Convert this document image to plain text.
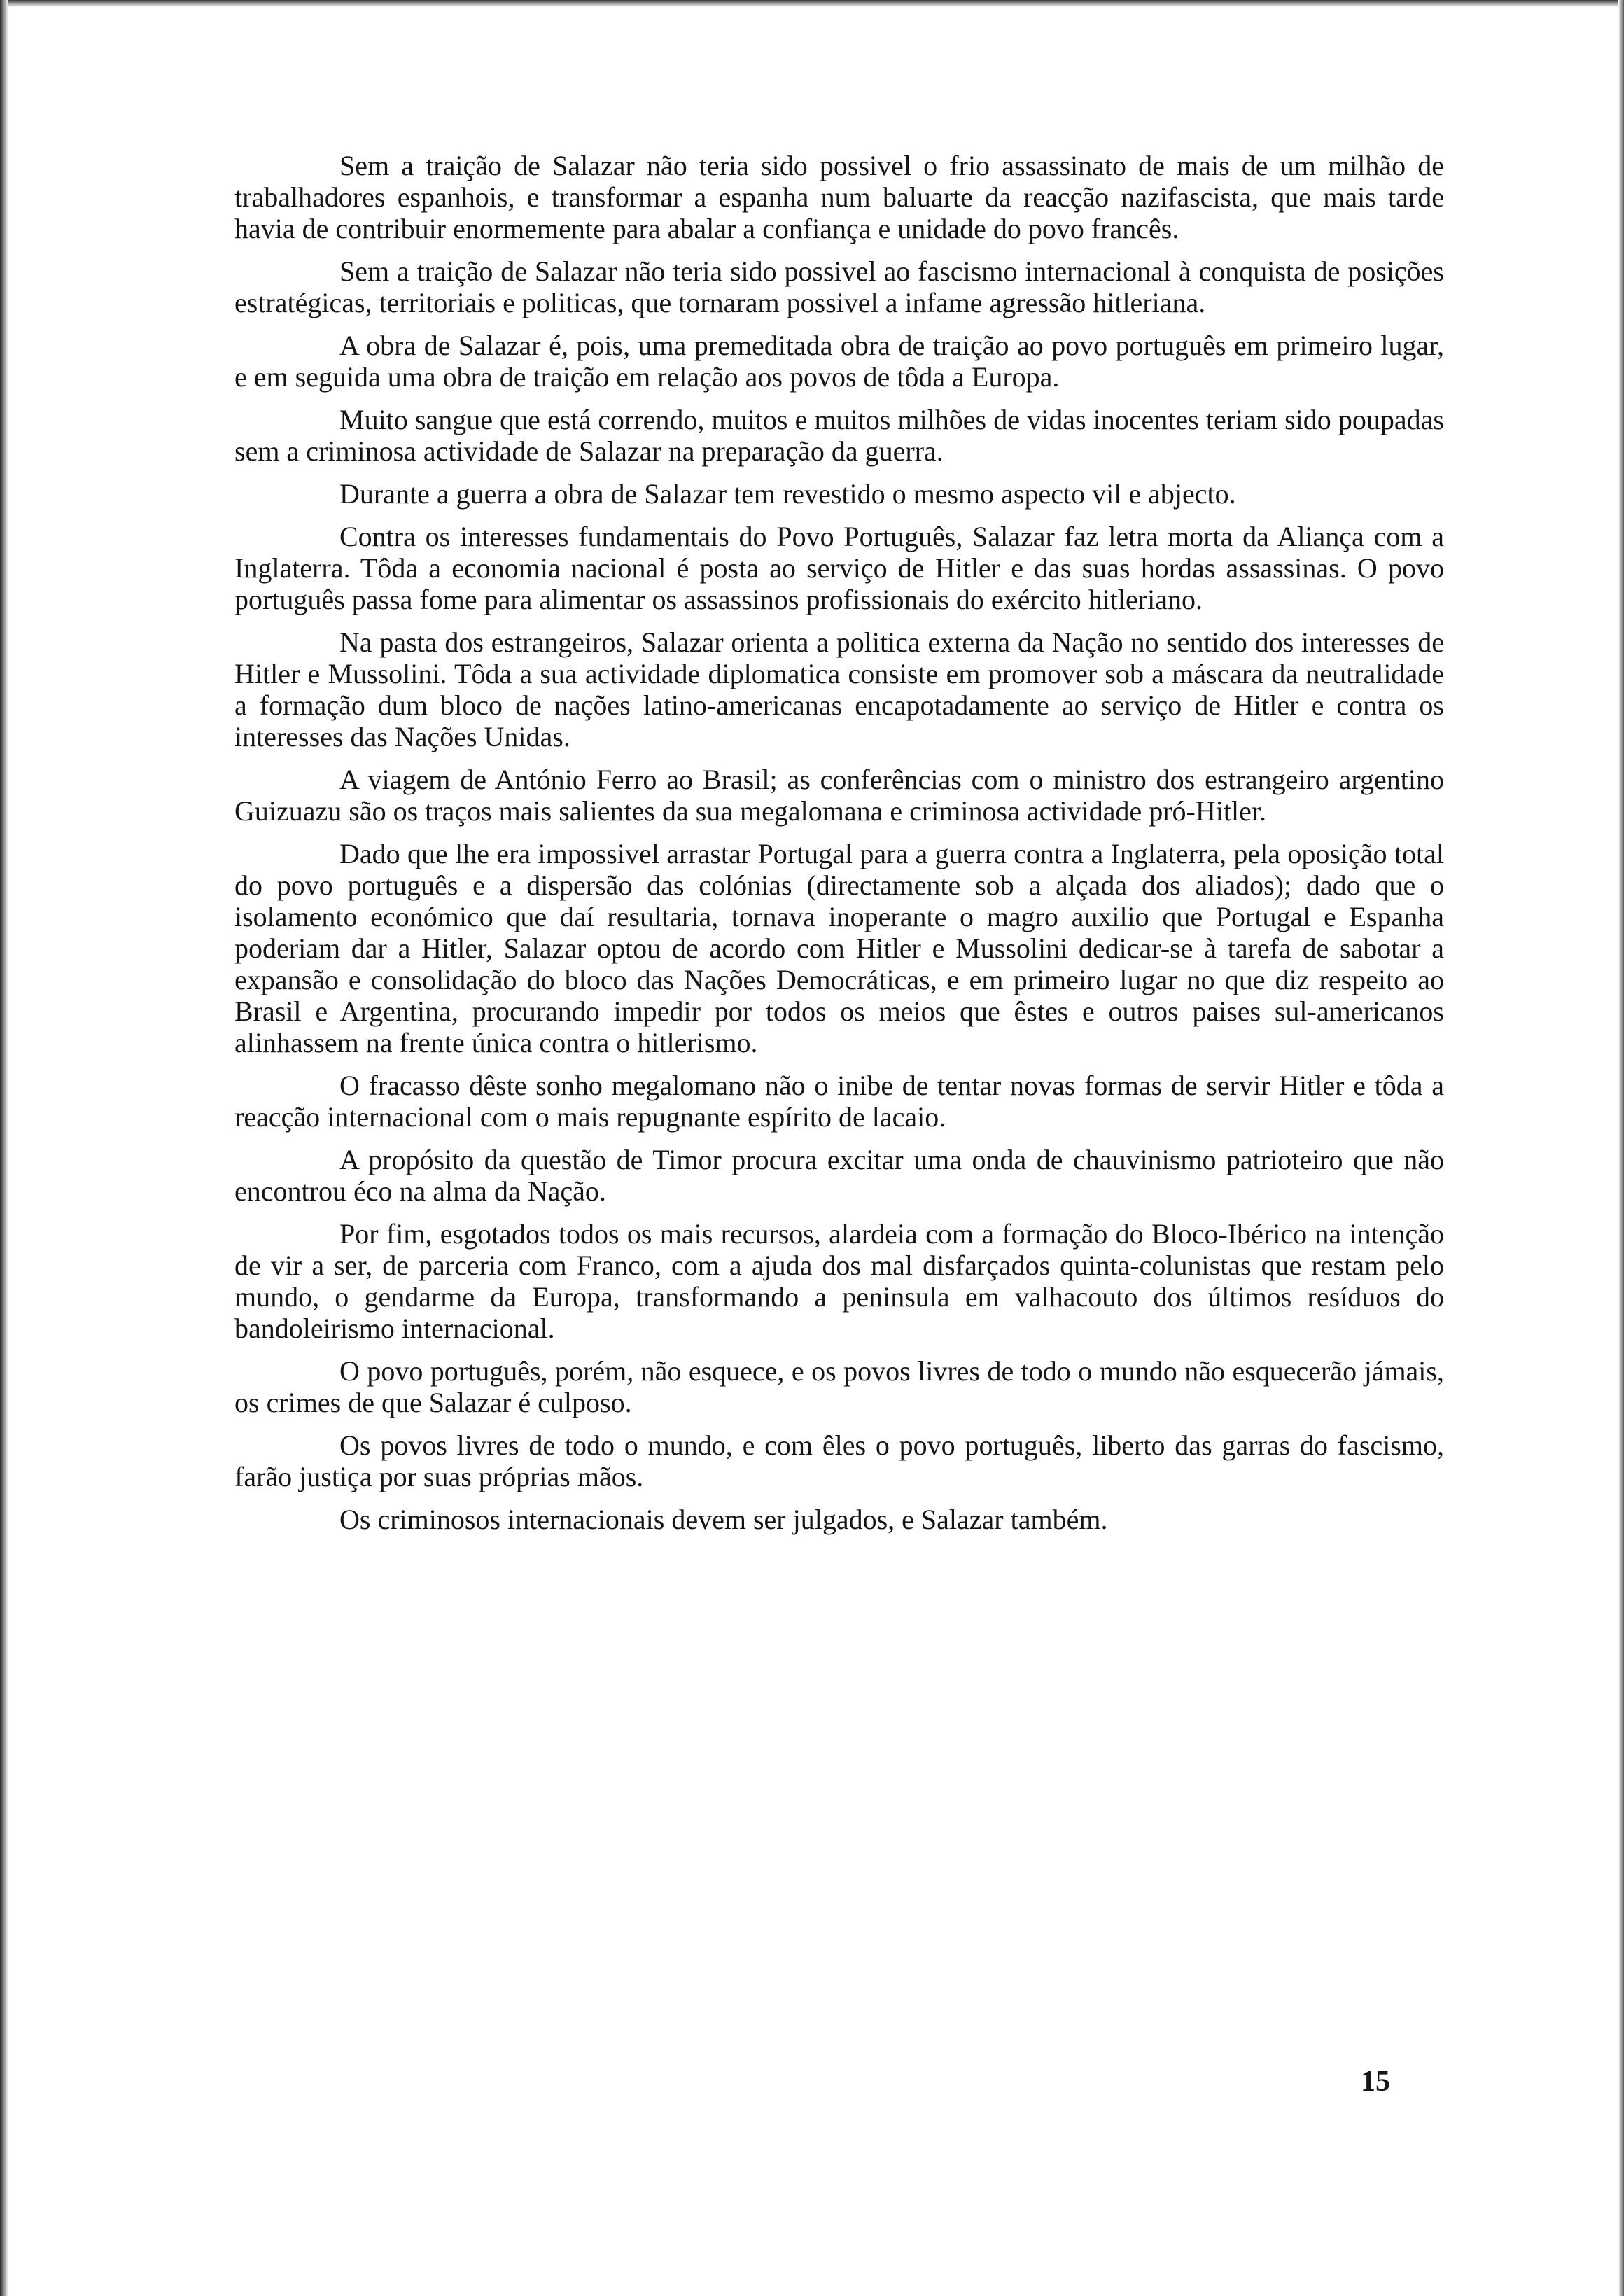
Sem a traição de Salazar não teria sido possivel o frio assassinato de mais de um milhão de trabalhadores espanhois, e transformar a espanha num baluarte da reacção nazifascista, que mais tarde havia de contribuir enormemente para abalar a confiança e unidade do povo francês.

Sem a traição de Salazar não teria sido possivel ao fascismo internacional à conquista de posições estratégicas, territoriais e politicas, que tornaram possivel a infame agressão hitleriana.

A obra de Salazar é, pois, uma premeditada obra de traição ao povo português em primeiro lugar, e em seguida uma obra de traição em relação aos povos de tôda a Europa.

Muito sangue que está correndo, muitos e muitos milhões de vidas inocentes teriam sido poupadas sem a criminosa actividade de Salazar na preparação da guerra.

Durante a guerra a obra de Salazar tem revestido o mesmo aspecto vil e abjecto.

Contra os interesses fundamentais do Povo Português, Salazar faz letra morta da Aliança com a Inglaterra. Tôda a economia nacional é posta ao serviço de Hitler e das suas hordas assassinas. O povo português passa fome para alimentar os assassinos profissionais do exército hitleriano.

Na pasta dos estrangeiros, Salazar orienta a politica externa da Nação no sentido dos interesses de Hitler e Mussolini. Tôda a sua actividade diplomatica consiste em promover sob a máscara da neutralidade a formação dum bloco de nações latino-americanas encapotadamente ao serviço de Hitler e contra os interesses das Nações Unidas.

A viagem de António Ferro ao Brasil; as conferências com o ministro dos estrangeiro argentino Guizuazu são os traços mais salientes da sua megalomana e criminosa actividade pró-Hitler.

Dado que lhe era impossivel arrastar Portugal para a guerra contra a Inglaterra, pela oposição total do povo português e a dispersão das colónias (directamente sob a alçada dos aliados); dado que o isolamento económico que daí resultaria, tornava inoperante o magro auxilio que Portugal e Espanha poderiam dar a Hitler, Salazar optou de acordo com Hitler e Mussolini dedicar-se à tarefa de sabotar a expansão e consolidação do bloco das Nações Democráticas, e em primeiro lugar no que diz respeito ao Brasil e Argentina, procurando impedir por todos os meios que êstes e outros paises sul-americanos alinhassem na frente única contra o hitlerismo.

O fracasso dêste sonho megalomano não o inibe de tentar novas formas de servir Hitler e tôda a reacção internacional com o mais repugnante espírito de lacaio.

A propósito da questão de Timor procura excitar uma onda de chauvinismo patrioteiro que não encontrou éco na alma da Nação.

Por fim, esgotados todos os mais recursos, alardeia com a formação do Bloco-Ibérico na intenção de vir a ser, de parceria com Franco, com a ajuda dos mal disfarçados quinta-colunistas que restam pelo mundo, o gendarme da Europa, transformando a peninsula em valhacouto dos últimos resíduos do bandoleirismo internacional.

O povo português, porém, não esquece, e os povos livres de todo o mundo não esquecerão jámais, os crimes de que Salazar é culposo.

Os povos livres de todo o mundo, e com êles o povo português, liberto das garras do fascismo, farão justiça por suas próprias mãos.

Os criminosos internacionais devem ser julgados, e Salazar também.

15
